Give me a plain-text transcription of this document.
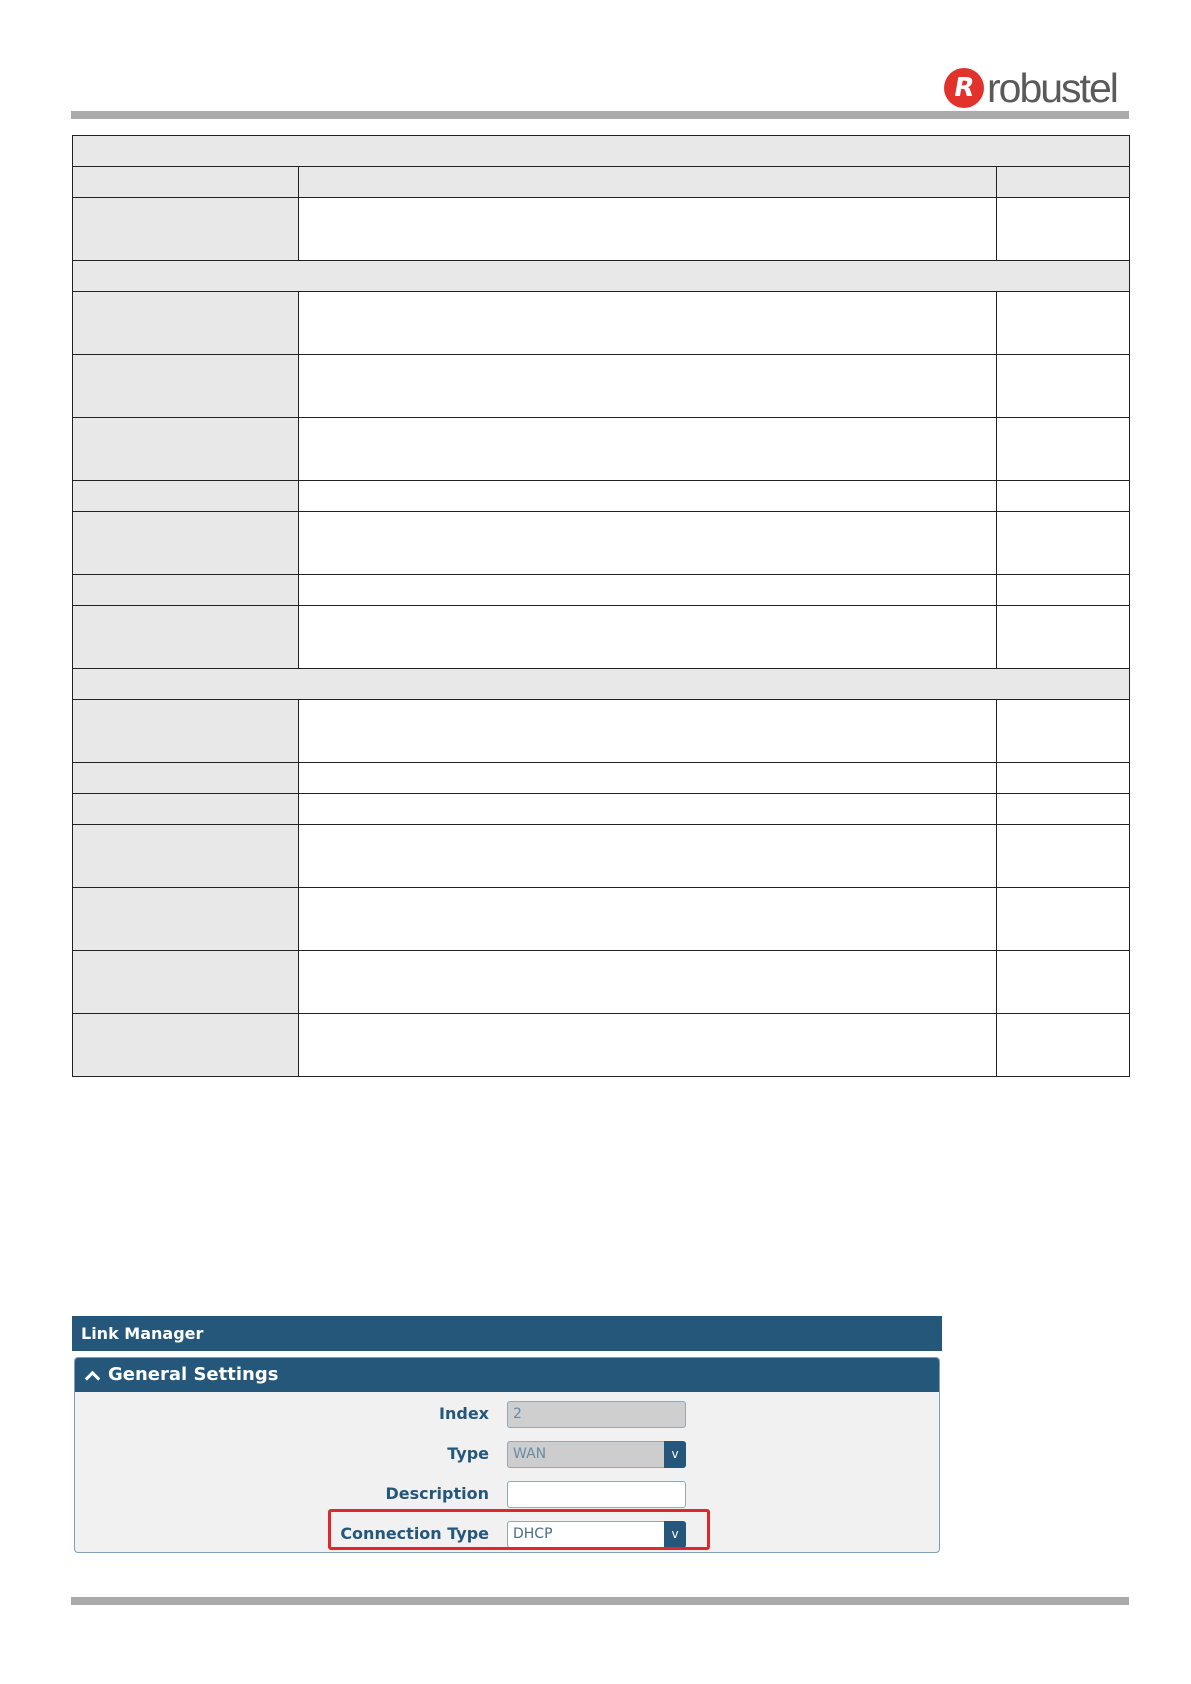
R robustel

Link Manager
General Settings
Index	2
Type	WAN	v
Description
Connection Type	DHCP	v
